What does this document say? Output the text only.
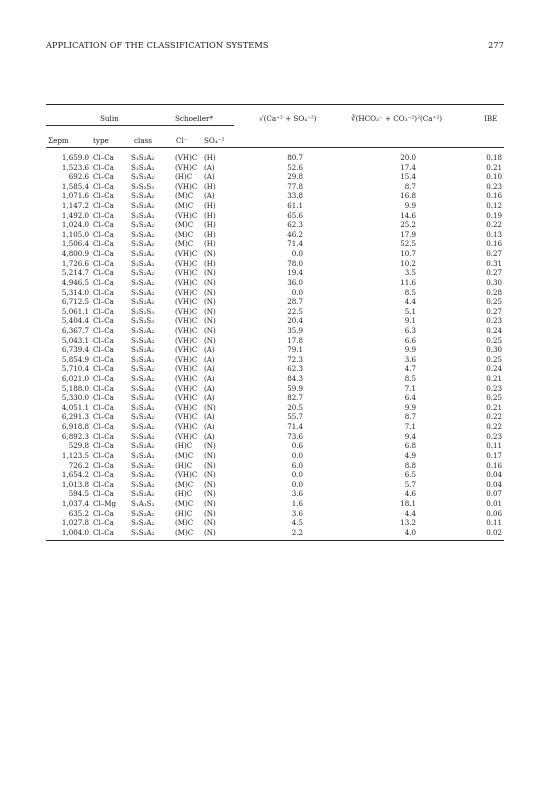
APPLICATION OF THE CLASSIFICATION SYSTEMS	277
Sulin	Schoeller*	√(Ca⁺² + SO₄⁻²)	∛(HCO₃⁻ + CO₃⁻²)²(Ca⁺²)	IBE
Σepm	type	class	Cl⁻ SO₄⁻²
1,659.0 Cl–Ca S₁S₂A₂	(VH)C (H)	80.7	20.0	0.18
1,523.6 Cl–Ca S₁S₂A₂	(VH)C (A)	52.6	17.4	0.21
692.6 Cl–Ca S₁S₂A₂	(H)C (A)	29.8	15.4	0.10
1,585.4 Cl–Ca S₁S₂S₃	(VH)C (H)	77.8	8.7	0.23
1,071.6 Cl–Ca S₁S₂A₂	(M)C (A)	33.8	16.8	0.16
1,147.2 Cl–Ca S₁S₂A₂	(M)C (H)	61.1	9.9	0.12
1,492.0 Cl–Ca S₁S₂A₂	(VH)C (H)	65.6	14.6	0.19
1,024.0 Cl–Ca S₁S₂A₂	(M)C (H)	62.3	25.2	0.22
1,105.0 Cl–Ca S₁S₂A₂	(M)C (H)	46.2	17.9	0.13
1,506.4 Cl–Ca S₁S₂A₂	(M)C (H)	71.4	52.5	0.16
4,800.9 Cl–Ca S₁S₂A₂	(VH)C (N)	0.0	10.7	0.27
1,726.6 Cl–Ca S₁S₂A₂	(VH)C (H)	78.0	10.2	0.31
5,214.7 Cl–Ca S₁S₂A₂	(VH)C (N)	19.4	3.5	0.27
4,946.5 Cl–Ca S₁S₂A₂	(VH)C (N)	36.0	11.6	0.30
5,314.0 Cl–Ca S₁S₂A₂	(VH)C (N)	0.0	8.5	0.28
6,712.5 Cl–Ca S₁S₂A₂	(VH)C (N)	28.7	4.4	0.25
5,061.1 Cl–Ca S₁S₂S₃	(VH)C (N)	22.5	5.1	0.27
5,404.4 Cl–Ca S₁S₂S₃	(VH)C (N)	20.4	9.1	0.23
6,367.7 Cl–Ca S₁S₂A₂	(VH)C (N)	35.9	6.3	0.24
5,043.1 Cl–Ca S₁S₂A₂	(VH)C (N)	17.8	6.6	0.25
6,739.4 Cl–Ca S₁S₂A₂	(VH)C (A)	79.1	9.9	0.30
5,854.9 Cl–Ca S₁S₂A₂	(VH)C (A)	72.3	3.6	0.25
5,710.4 Cl–Ca S₁S₂A₂	(VH)C (A)	62.3	4.7	0.24
6,021.0 Cl–Ca S₁S₂A₂	(VH)C (A)	84.3	8.5	0.21
5,188.0 Cl–Ca S₁S₂A₂	(VH)C (A)	59.9	7.1	0.23
5,330.0 Cl–Ca S₁S₂A₂	(VH)C (A)	82.7	6.4	0.25
4,051.1 Cl–Ca S₁S₂A₂	(VH)C (N)	20.5	9.9	0.21
6,291.3 Cl–Ca S₁S₂A₂	(VH)C (A)	55.7	8.7	0.22
6,918.8 Cl–Ca S₁S₂A₂	(VH)C (A)	71.4	7.1	0.22
6,892.3 Cl–Ca S₁S₂A₂	(VH)C (A)	73.6	9.4	0.23
529.8 Cl–Ca S₁S₂A₂	(H)C (N)	0.6	6.8	0.11
1,123.5 Cl–Ca S₁S₂A₂	(M)C (N)	0.0	4.9	0.17
726.2 Cl–Ca S₁S₂A₂	(H)C (N)	6.0	8.8	0.16
1,654.2 Cl–Ca S₁S₂A₂	(VH)C (N)	0.0	6.5	0.04
1,013.8 Cl–Ca S₁S₂A₂	(M)C (N)	0.0	5.7	0.04
594.5 Cl–Ca S₁S₂A₂	(H)C (N)	3.6	4.6	0.07
1,037.4 Cl–Mg S₁A₁S₂	(M)C (N)	1.6	18.1	0.01
635.2 Cl–Ca S₁S₂A₂	(H)C (N)	3.6	4.4	0.06
1,027.8 Cl–Ca S₁S₂A₂	(M)C (N)	4.5	13.2	0.11
1,004.0 Cl–Ca S₁S₂A₂	(M)C (N)	2.2	4.0	0.02
